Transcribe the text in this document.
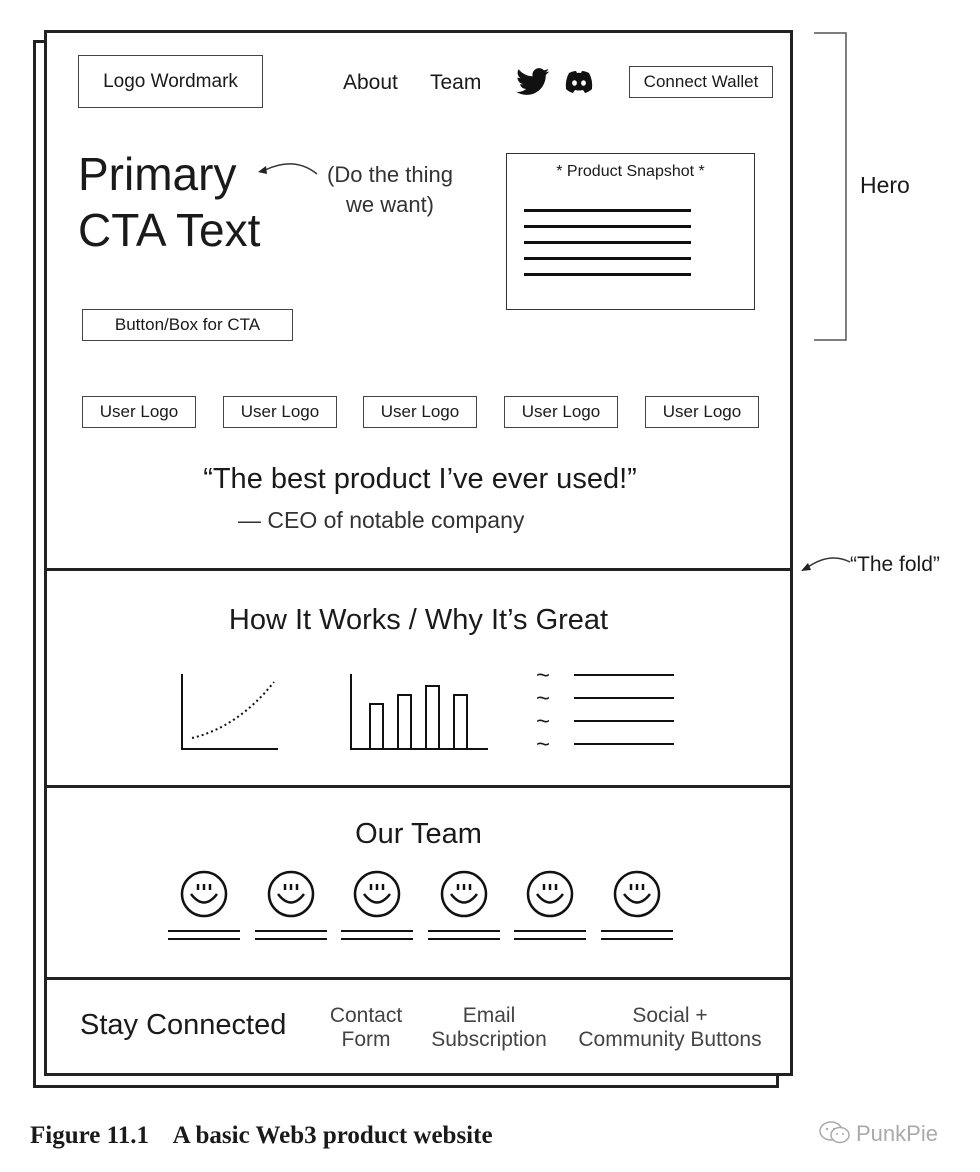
Logo Wordmark	About Team	Connect Wallet
Primary
CTA Text
(Do the thing
we want)
* Product Snapshot *
Button/Box for CTA
Hero
User Logo	User Logo	User Logo	User Logo	User Logo
“The best product I’ve ever used!”
— CEO of notable company
“The fold”
How It Works / Why It’s Great
~
~
~
~
Our Team
Stay Connected	Contact
Form
Email
Subscription
Social +
Community Buttons
Figure 11.1    A basic Web3 product website	PunkPie
